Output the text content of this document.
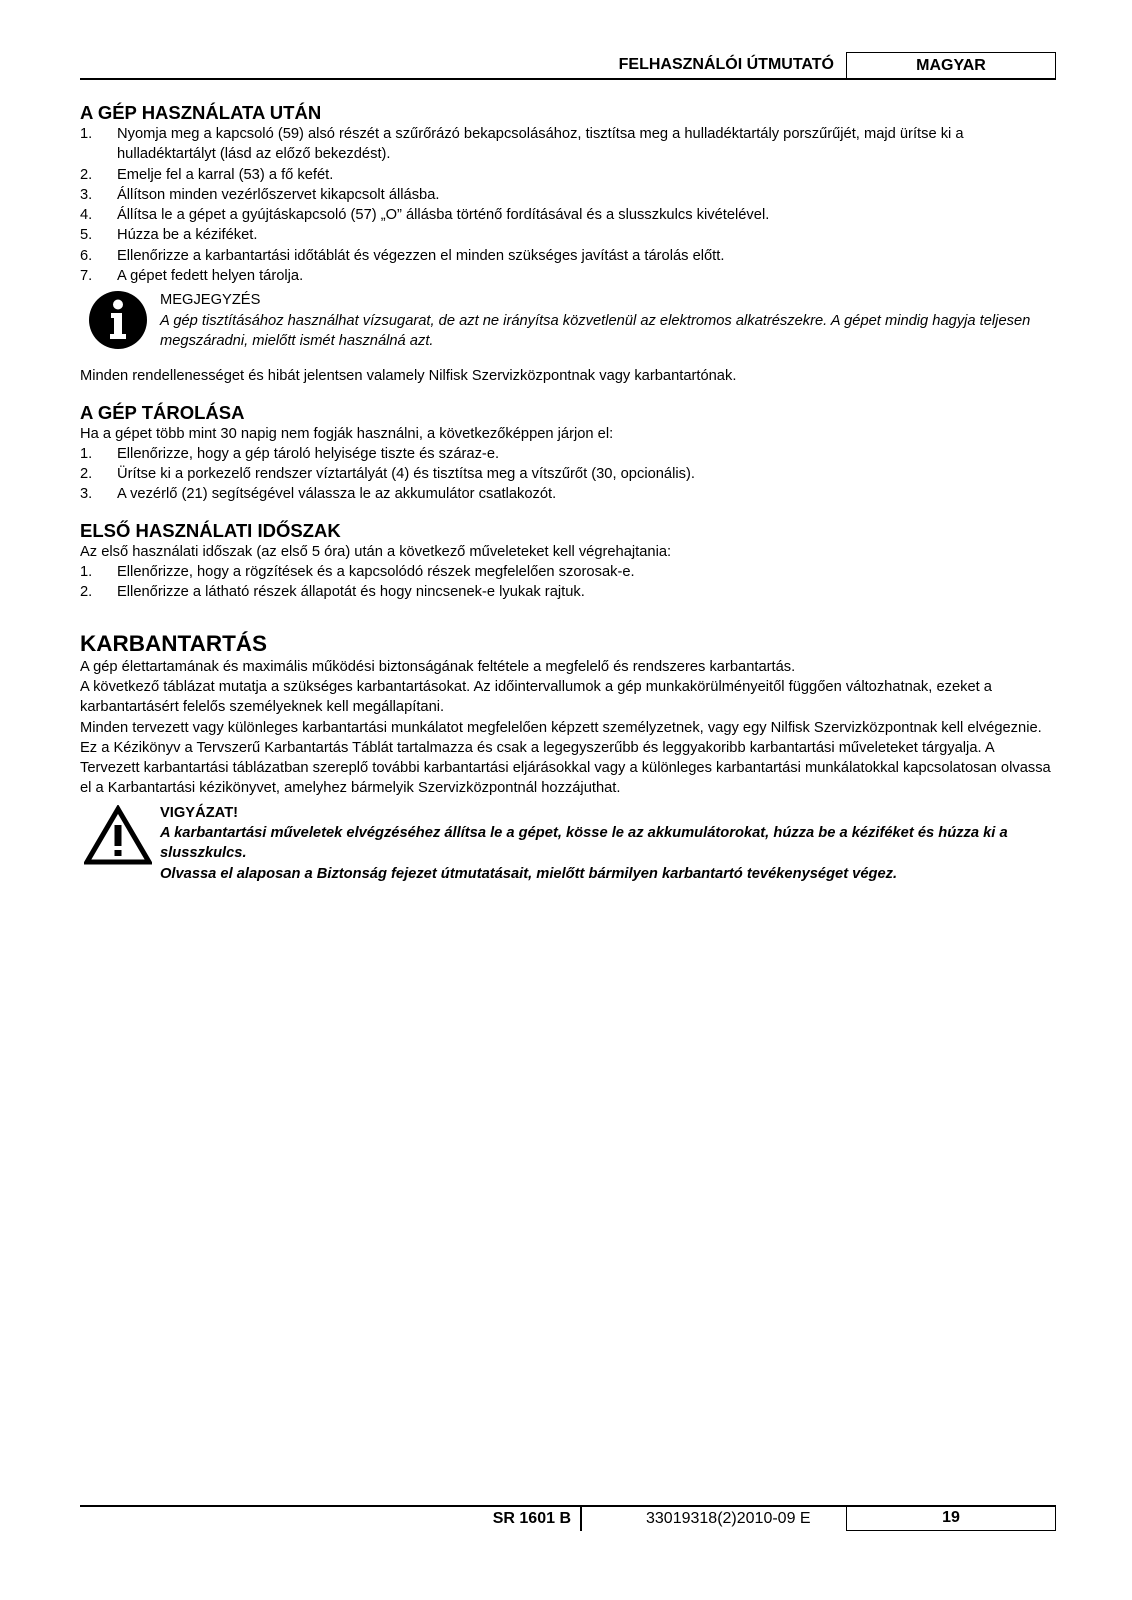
FELHASZNÁLÓI ÚTMUTATÓ	MAGYAR
A GÉP HASZNÁLATA UTÁN
1. Nyomja meg a kapcsoló (59) alsó részét a szűrőrázó bekapcsolásához, tisztítsa meg a hulladéktartály porszűrűjét, majd ürítse ki a hulladéktartályt (lásd az előző bekezdést).
2. Emelje fel a karral (53) a fő kefét.
3. Állítson minden vezérlőszervet kikapcsolt állásba.
4. Állítsa le a gépet a gyújtáskapcsoló (57) „O” állásba történő fordításával és a slusszkulcs kivételével.
5. Húzza be a kéziféket.
6. Ellenőrizze a karbantartási időtáblát és végezzen el minden szükséges javítást a tárolás előtt.
7. A gépet fedett helyen tárolja.

MEGJEGYZÉS

A gép tisztításához használhat vízsugarat, de azt ne irányítsa közvetlenül az elektromos alkatrészekre. A gépet mindig hagyja teljesen megszáradni, mielőtt ismét használná azt.

Minden rendellenességet és hibát jelentsen valamely Nilfisk Szervizközpontnak vagy karbantartónak.

A GÉP TÁROLÁSA

Ha a gépet több mint 30 napig nem fogják használni, a következőképpen járjon el:

1. Ellenőrizze, hogy a gép tároló helyisége tiszte és száraz-e.
2. Ürítse ki a porkezelő rendszer víztartályát (4) és tisztítsa meg a vítszűrőt (30, opcionális).
3. A vezérlő (21) segítségével válassza le az akkumulátor csatlakozót.
ELSŐ HASZNÁLATI IDŐSZAK

Az első használati időszak (az első 5 óra) után a következő műveleteket kell végrehajtania:

1. Ellenőrizze, hogy a rögzítések és a kapcsolódó részek megfelelően szorosak-e.
2. Ellenőrizze a látható részek állapotát és hogy nincsenek-e lyukak rajtuk.
KARBANTARTÁS

A gép élettartamának és maximális működési biztonságának feltétele a megfelelő és rendszeres karbantartás.

A következő táblázat mutatja a szükséges karbantartásokat. Az időintervallumok a gép munkakörülményeitől függően változhatnak, ezeket a karbantartásért felelős személyeknek kell megállapítani.

Minden tervezett vagy különleges karbantartási munkálatot megfelelően képzett személyzetnek, vagy egy Nilfisk Szervizközpontnak kell elvégeznie.

Ez a Kézikönyv a Tervszerű Karbantartás Táblát tartalmazza és csak a legegyszerűbb és leggyakoribb karbantartási műveleteket tárgyalja. A Tervezett karbantartási táblázatban szereplő további karbantartási eljárásokkal vagy a különleges karbantartási munkálatokkal kapcsolatosan olvassa el a Karbantartási kézikönyvet, amelyhez bármelyik Szervizközpontnál hozzájuthat.

VIGYÁZAT!

A karbantartási műveletek elvégzéséhez állítsa le a gépet, kösse le az akkumulátorokat, húzza be a kéziféket és húzza ki a slusszkulcs.

Olvassa el alaposan a Biztonság fejezet útmutatásait, mielőtt bármilyen karbantartó tevékenységet végez.

SR 1601 B	33019318(2)2010-09 E	19
